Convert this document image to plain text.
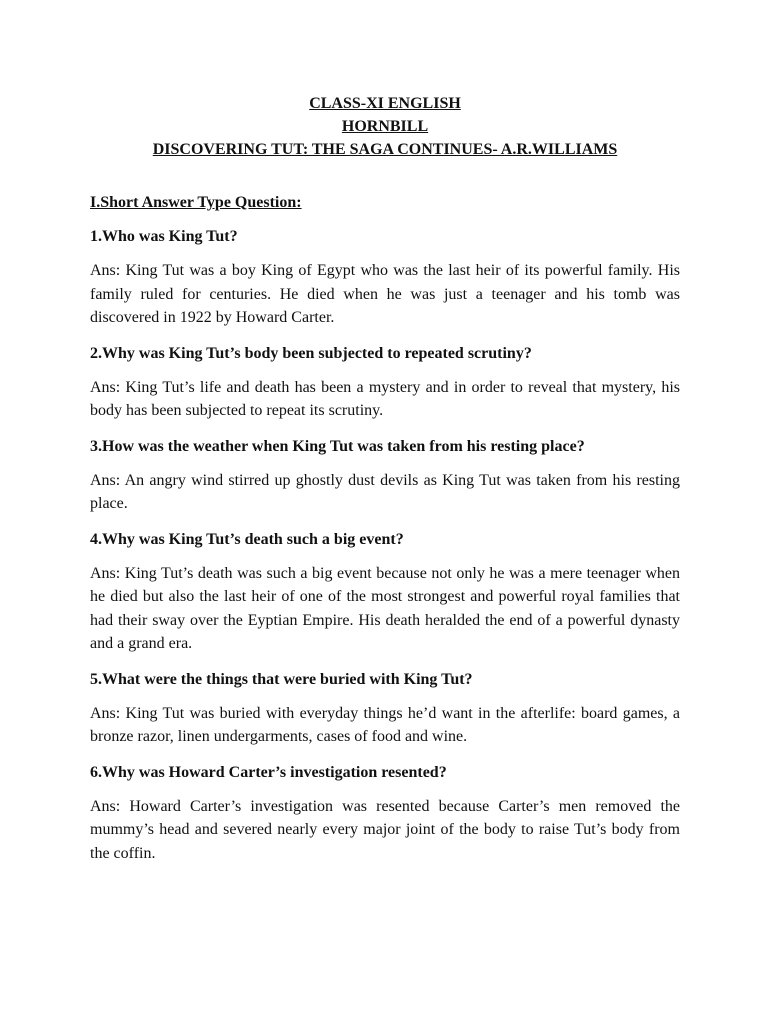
CLASS-XI ENGLISH
HORNBILL
DISCOVERING TUT: THE SAGA CONTINUES- A.R.WILLIAMS
I.Short Answer Type Question:
1.Who was King Tut?
Ans: King Tut was a boy King of Egypt who was the last heir of its powerful family. His family ruled for centuries. He died when he was just a teenager and his tomb was discovered in 1922 by Howard Carter.
2.Why was King Tut’s body been subjected to repeated scrutiny?
Ans: King Tut’s life and death has been a mystery and in order to reveal that mystery, his body has been subjected to repeat its scrutiny.
3.How was the weather when King Tut was taken from his resting place?
Ans: An angry wind stirred up ghostly dust devils as King Tut was taken from his resting place.
4.Why was King Tut’s death such a big event?
Ans: King Tut’s death was such a big event because not only he was a mere teenager when he died but also the last heir of one of the most strongest and powerful royal families that had their sway over the Eyptian Empire. His death heralded the end of a powerful dynasty and a grand era.
5.What were the things that were buried with King Tut?
Ans: King Tut was buried with everyday things he’d want in the afterlife: board games, a bronze razor, linen undergarments, cases of food and wine.
6.Why was Howard Carter’s investigation resented?
Ans: Howard Carter’s investigation was resented because Carter’s men removed the mummy’s head and severed nearly every major joint of the body to raise Tut’s body from the coffin.
